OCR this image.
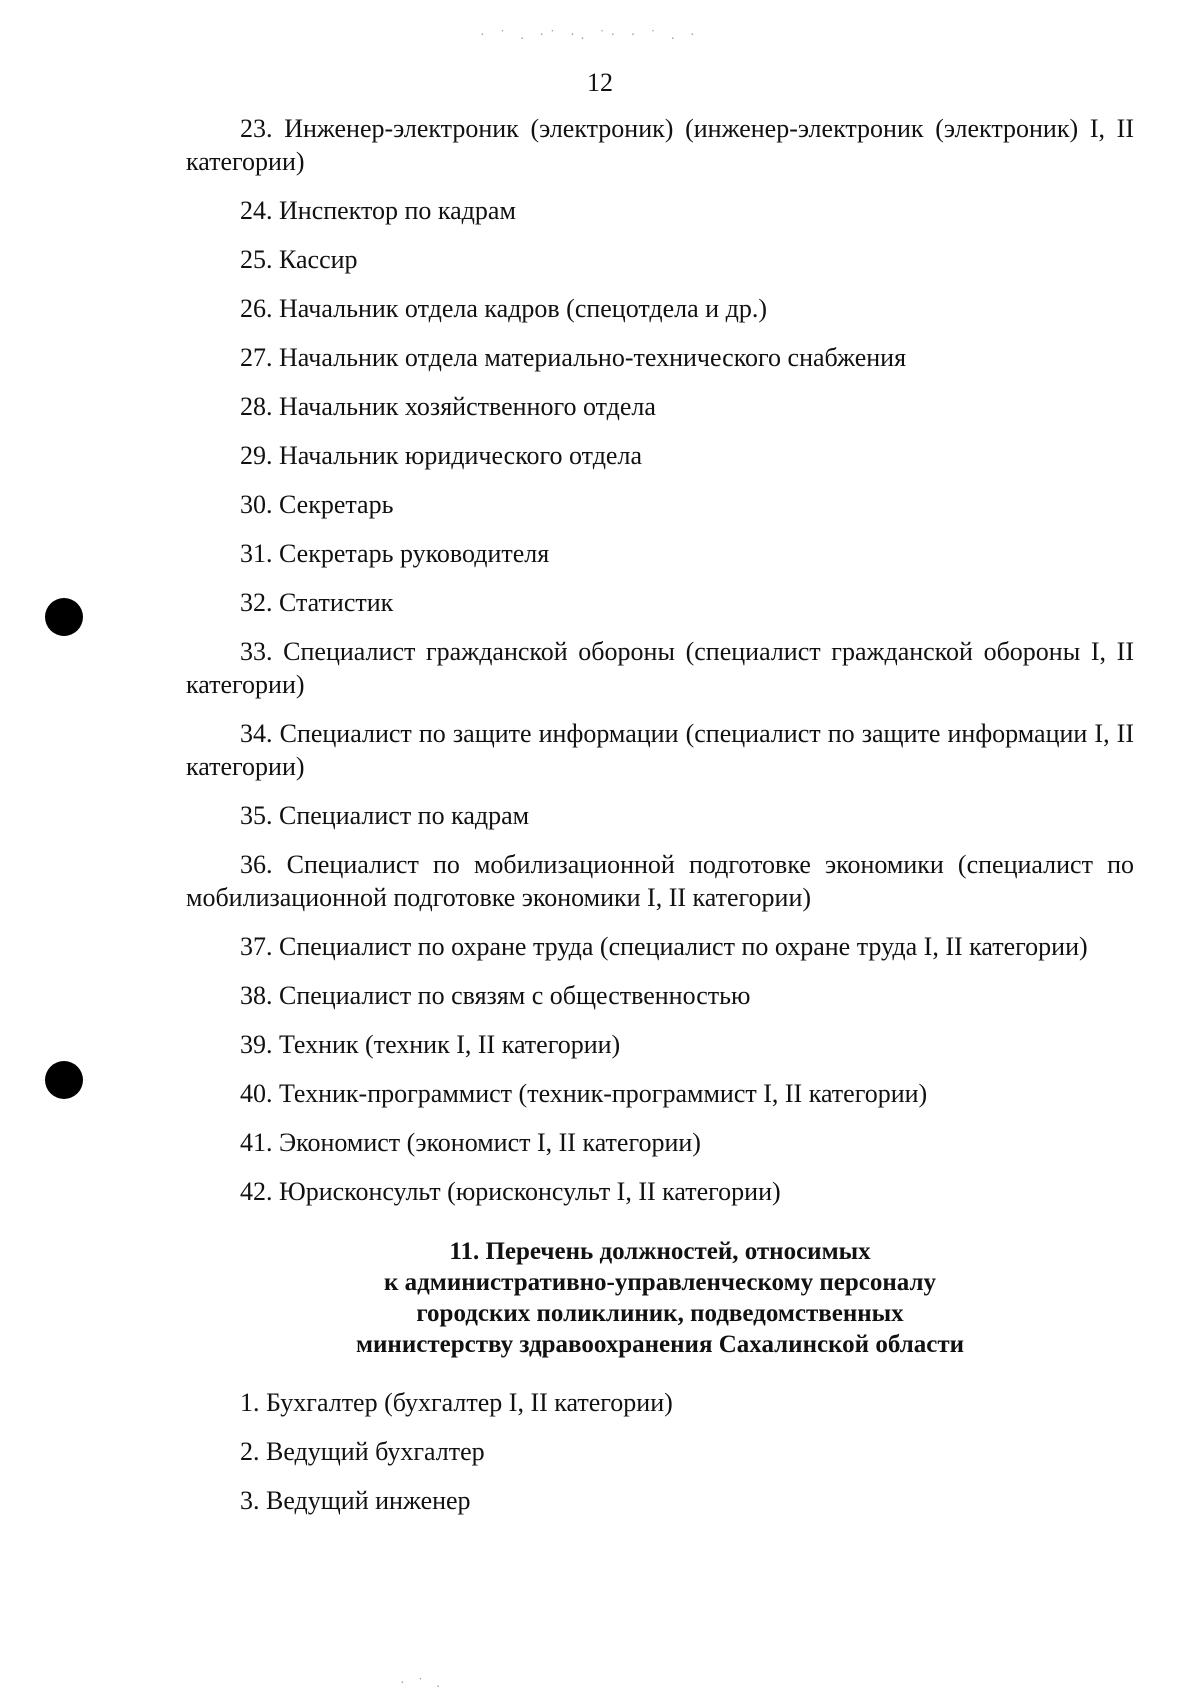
· ˙ . ·˙ ·. ˙· · ˙ . ·
12

23. Инженер-электроник (электроник) (инженер-электроник (электроник) I, II категории)

24. Инспектор по кадрам

25. Кассир

26. Начальник отдела кадров (спецотдела и др.)

27. Начальник отдела материально-технического снабжения

28. Начальник хозяйственного отдела

29. Начальник юридического отдела

30. Секретарь

31. Секретарь руководителя

32. Статистик

33. Специалист гражданской обороны (специалист гражданской обороны I, II категории)

34. Специалист по защите информации (специалист по защите информации I, II категории)

35. Специалист по кадрам

36. Специалист по мобилизационной подготовке экономики (специалист по мобилизационной подготовке экономики I, II категории)

37. Специалист по охране труда (специалист по охране труда I, II категории)

38. Специалист по связям с общественностью

39. Техник (техник I, II категории)

40. Техник-программист (техник-программист I, II категории)

41. Экономист (экономист I, II категории)

42. Юрисконсульт (юрисконсульт I, II категории)

11. Перечень должностей, относимых
к административно-управленческому персоналу
городских поликлиник, подведомственных
министерству здравоохранения Сахалинской области

1. Бухгалтер (бухгалтер I, II категории)

2. Ведущий бухгалтер

3. Ведущий инженер

· ˙ .
